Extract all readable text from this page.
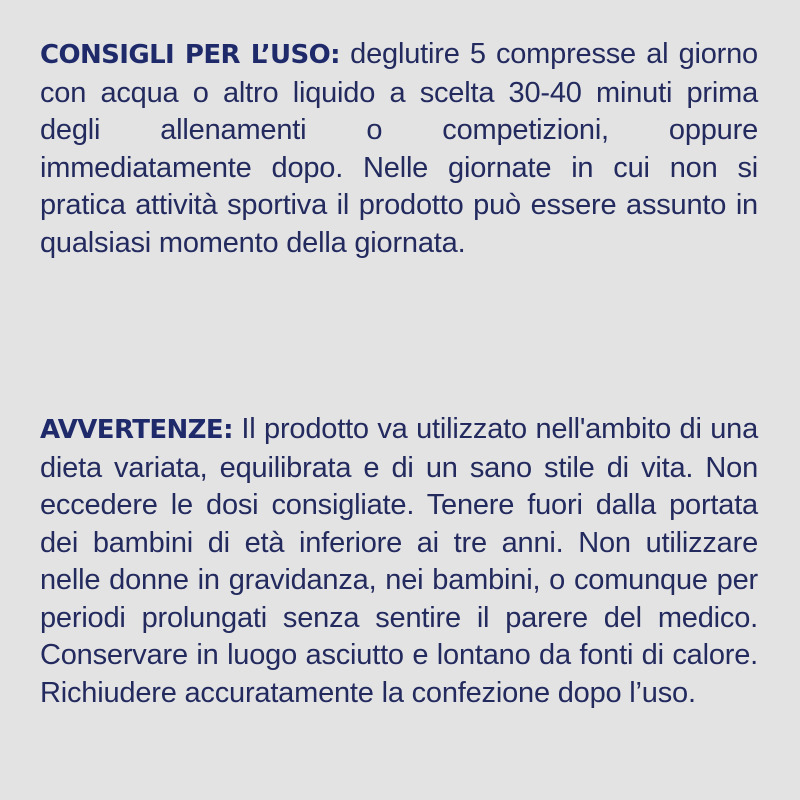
CONSIGLI PER L’USO: deglutire 5 compresse al giorno con acqua o altro liquido a scelta 30-40 minuti prima degli allenamenti o competizioni, oppure immediatamente dopo. Nelle giornate in cui non si pratica attività sportiva il prodotto può essere assunto in qualsiasi momento della giornata.
AVVERTENZE: Il prodotto va utilizzato nell'ambito di una dieta variata, equilibrata e di un sano stile di vita. Non eccedere le dosi consigliate. Tenere fuori dalla portata dei bambini di età inferiore ai tre anni. Non utilizzare nelle donne in gravidanza, nei bambini, o comunque per periodi prolungati senza sentire il parere del medico. Conservare in luogo asciutto e lontano da fonti di calore. Richiudere accuratamente la confezione dopo l’uso.
